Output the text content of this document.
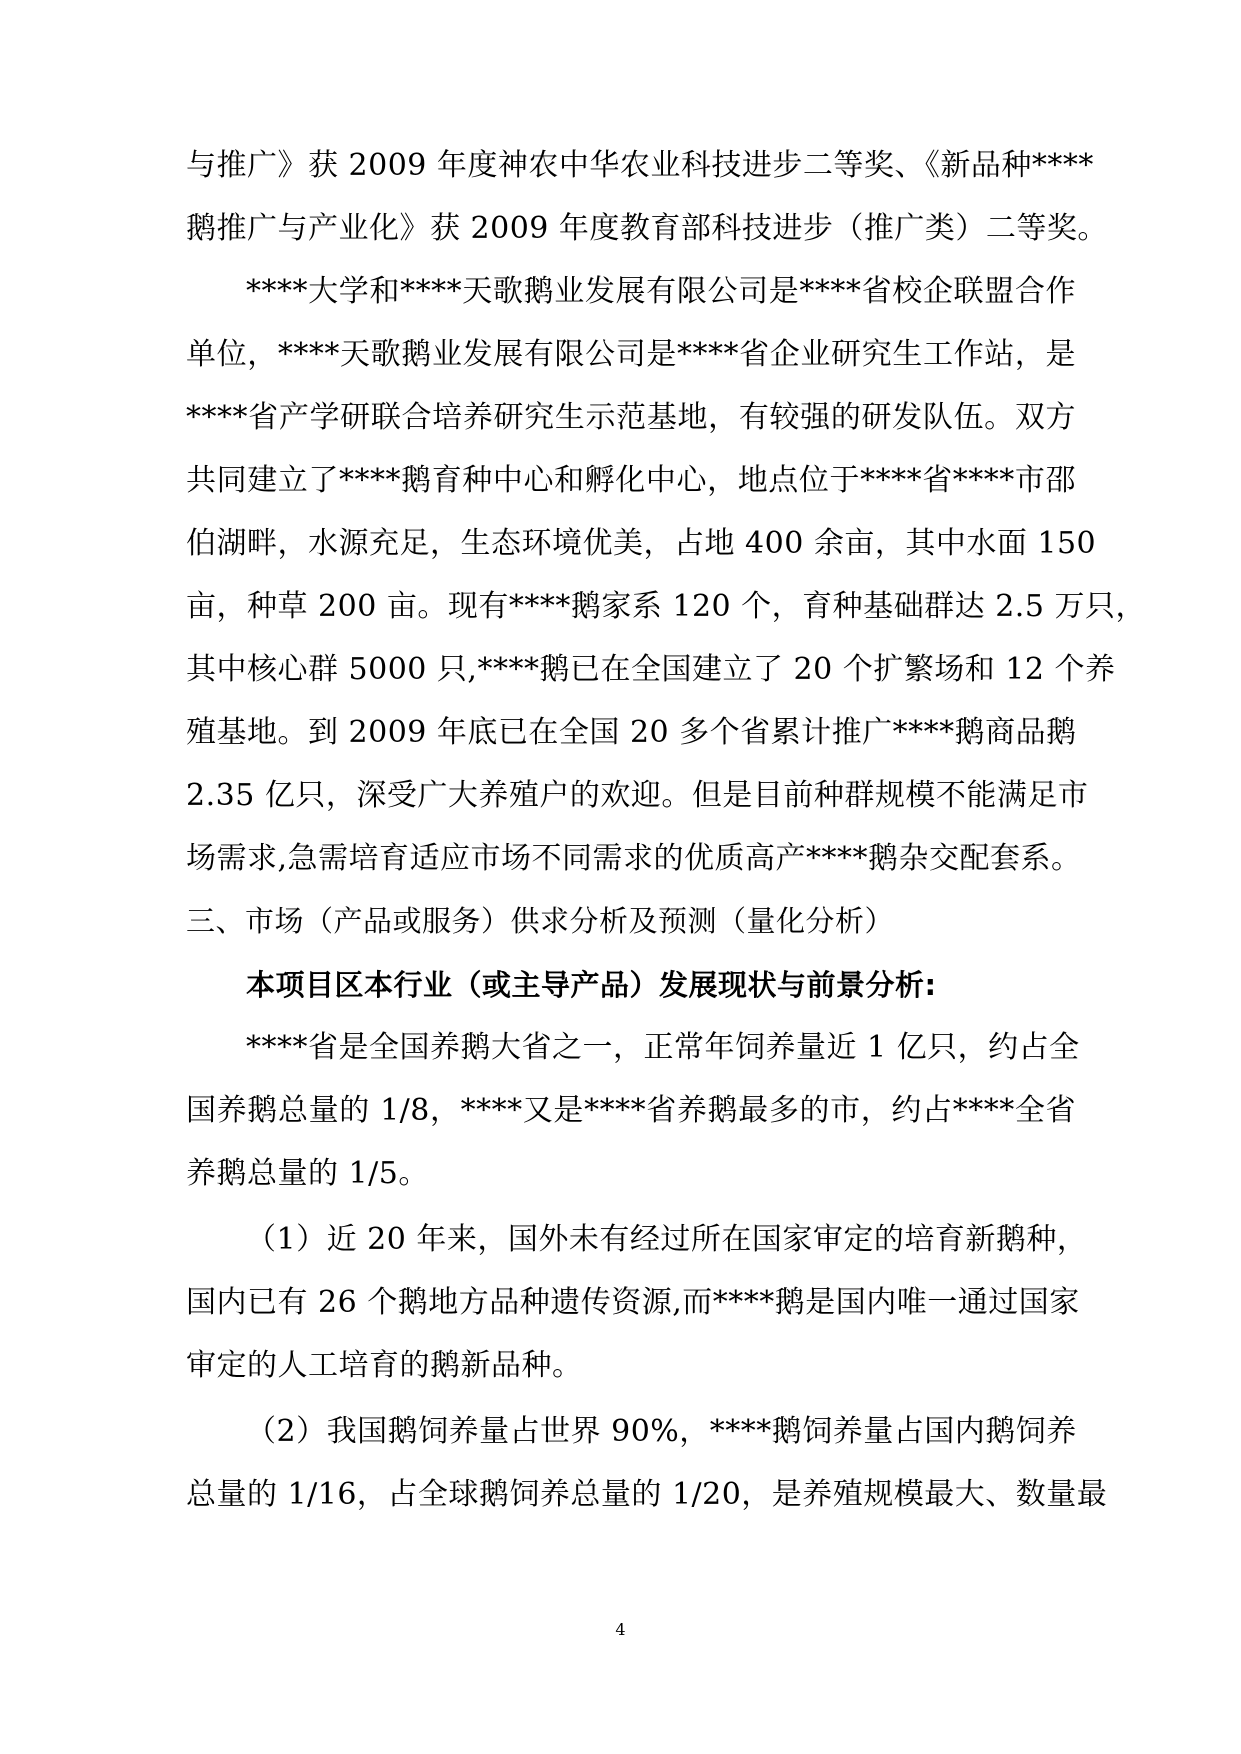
与推广》获 2009 年度神农中华农业科技进步二等奖、《新品种****
鹅推广与产业化》获 2009 年度教育部科技进步（推广类）二等奖。
****大学和****天歌鹅业发展有限公司是****省校企联盟合作
单位，****天歌鹅业发展有限公司是****省企业研究生工作站，是
****省产学研联合培养研究生示范基地，有较强的研发队伍。双方
共同建立了****鹅育种中心和孵化中心，地点位于****省****市邵
伯湖畔，水源充足，生态环境优美，占地 400 余亩，其中水面 150
亩，种草 200 亩。现有****鹅家系 120 个，育种基础群达 2.5 万只，
其中核心群 5000 只,****鹅已在全国建立了 20 个扩繁场和 12 个养
殖基地。到 2009 年底已在全国 20 多个省累计推广****鹅商品鹅
2.35 亿只，深受广大养殖户的欢迎。但是目前种群规模不能满足市
场需求,急需培育适应市场不同需求的优质高产****鹅杂交配套系。
三、市场（产品或服务）供求分析及预测（量化分析）
本项目区本行业（或主导产品）发展现状与前景分析:
****省是全国养鹅大省之一，正常年饲养量近 1 亿只，约占全
国养鹅总量的 1/8，****又是****省养鹅最多的市，约占****全省
养鹅总量的 1/5。
（1）近 20 年来，国外未有经过所在国家审定的培育新鹅种，
国内已有 26 个鹅地方品种遗传资源,而****鹅是国内唯一通过国家
审定的人工培育的鹅新品种。
（2）我国鹅饲养量占世界 90%，****鹅饲养量占国内鹅饲养
总量的 1/16，占全球鹅饲养总量的 1/20，是养殖规模最大、数量最
4
